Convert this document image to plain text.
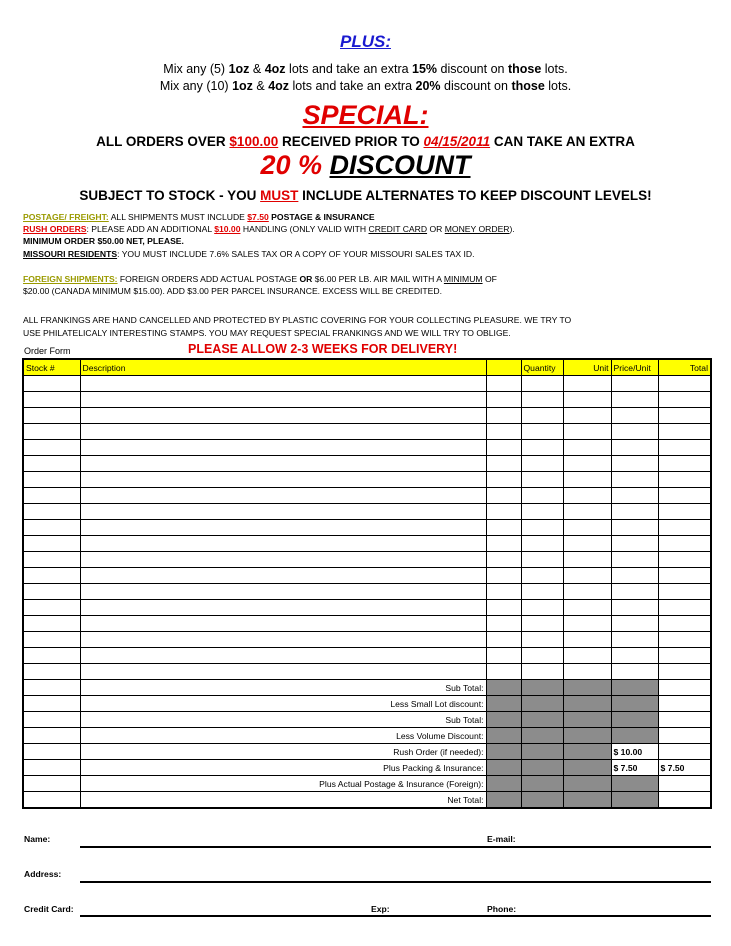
PLUS:
Mix any (5) 1oz & 4oz lots and take an extra 15% discount on those lots.
Mix any (10) 1oz & 4oz lots and take an extra 20% discount on those lots.
SPECIAL:
ALL ORDERS OVER $100.00 RECEIVED PRIOR TO 04/15/2011 CAN TAKE AN EXTRA
20 % DISCOUNT
SUBJECT TO STOCK - YOU MUST INCLUDE ALTERNATES TO KEEP DISCOUNT LEVELS!
POSTAGE/ FREIGHT: ALL SHIPMENTS MUST INCLUDE $7.50 POSTAGE & INSURANCE
RUSH ORDERS: PLEASE ADD AN ADDITIONAL $10.00 HANDLING (ONLY VALID WITH CREDIT CARD OR MONEY ORDER).
MINIMUM ORDER $50.00 NET, PLEASE.
MISSOURI RESIDENTS: YOU MUST INCLUDE 7.6% SALES TAX OR A COPY OF YOUR MISSOURI SALES TAX ID.
FOREIGN SHIPMENTS: FOREIGN ORDERS ADD ACTUAL POSTAGE OR $6.00 PER LB. AIR MAIL WITH A MINIMUM OF
$20.00 (CANADA MINIMUM $15.00). ADD $3.00 PER PARCEL INSURANCE. EXCESS WILL BE CREDITED.
ALL FRANKINGS ARE HAND CANCELLED AND PROTECTED BY PLASTIC COVERING FOR YOUR COLLECTING PLEASURE. WE TRY TO
USE PHILATELICALY INTERESTING STAMPS. YOU MAY REQUEST SPECIAL FRANKINGS AND WE WILL TRY TO OBLIGE.
Order Form	PLEASE ALLOW 2-3 WEEKS FOR DELIVERY!
Stock #	Description		Quantity	Unit	Price/Unit	Total

	Sub Total:					
	Less Small Lot discount:					
	Sub Total:					
	Less Volume Discount:					
	Rush Order (if needed):				$ 10.00	
	Plus Packing & Insurance:				$ 7.50	$ 7.50
	Plus Actual Postage & Insurance (Foreign):					
	Net Total:					
Name:	E-mail:
Address:
Credit Card:	Exp:	Phone:
